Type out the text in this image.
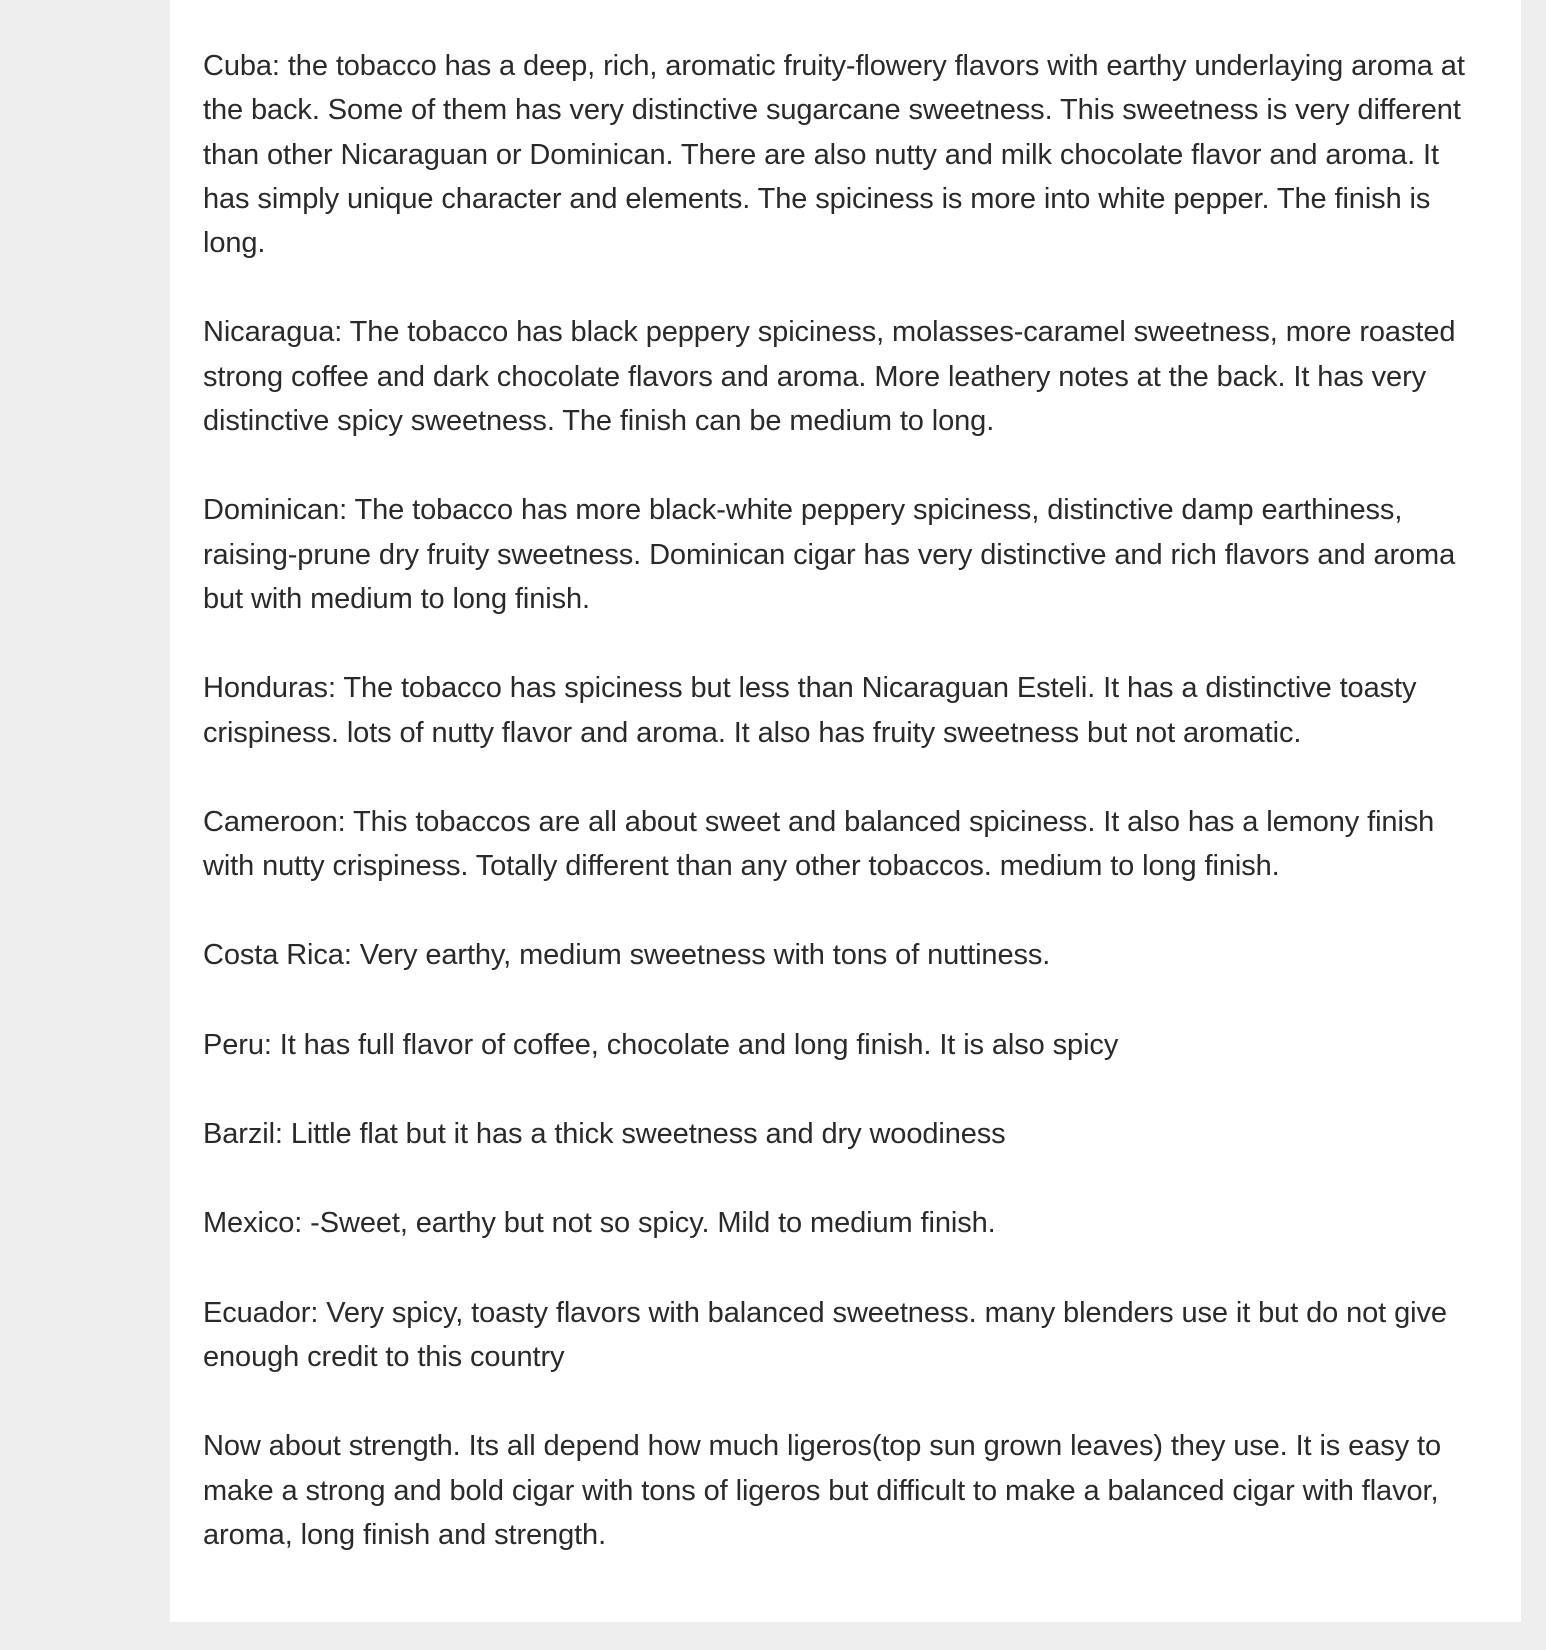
Cuba: the tobacco has a deep, rich, aromatic fruity-flowery flavors with earthy underlaying aroma at the back. Some of them has very distinctive sugarcane sweetness. This sweetness is very different than other Nicaraguan or Dominican. There are also nutty and milk chocolate flavor and aroma. It has simply unique character and elements. The spiciness is more into white pepper. The finish is long.

Nicaragua: The tobacco has black peppery spiciness, molasses-caramel sweetness, more roasted strong coffee and dark chocolate flavors and aroma. More leathery notes at the back. It has very distinctive spicy sweetness. The finish can be medium to long.

Dominican: The tobacco has more black-white peppery spiciness, distinctive damp earthiness, raising-prune dry fruity sweetness. Dominican cigar has very distinctive and rich flavors and aroma but with medium to long finish.

Honduras: The tobacco has spiciness but less than Nicaraguan Esteli. It has a distinctive toasty crispiness. lots of nutty flavor and aroma. It also has fruity sweetness but not aromatic.

Cameroon: This tobaccos are all about sweet and balanced spiciness. It also has a lemony finish with nutty crispiness. Totally different than any other tobaccos. medium to long finish.

Costa Rica: Very earthy, medium sweetness with tons of nuttiness.

Peru: It has full flavor of coffee, chocolate and long finish. It is also spicy

Barzil: Little flat but it has a thick sweetness and dry woodiness

Mexico: -Sweet, earthy but not so spicy. Mild to medium finish.

Ecuador: Very spicy, toasty flavors with balanced sweetness. many blenders use it but do not give enough credit to this country

Now about strength. Its all depend how much ligeros(top sun grown leaves) they use. It is easy to make a strong and bold cigar with tons of ligeros but difficult to make a balanced cigar with flavor, aroma, long finish and strength.
